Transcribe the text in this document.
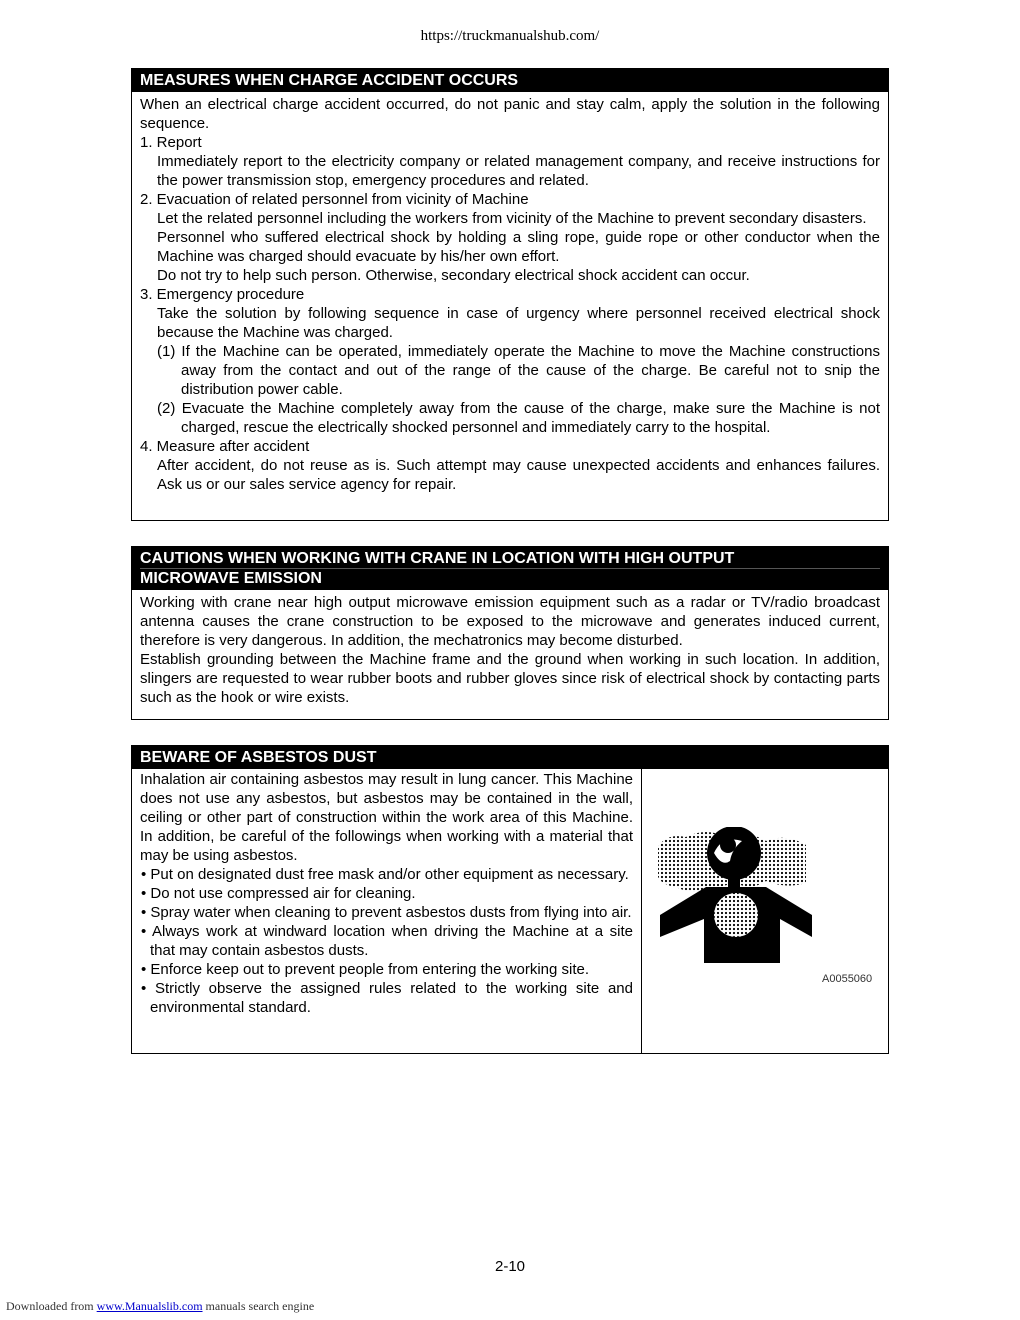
https://truckmanualshub.com/
MEASURES WHEN CHARGE ACCIDENT OCCURS

When an electrical charge accident occurred, do not panic and stay calm, apply the solution in the following sequence.

1. Report

Immediately report to the electricity company or related management company, and receive instructions for the power transmission stop, emergency procedures and related.

2. Evacuation of related personnel from vicinity of Machine

Let the related personnel including the workers from vicinity of the Machine to prevent secondary disasters.

Personnel who suffered electrical shock by holding a sling rope, guide rope or other conductor when the Machine was charged should evacuate by his/her own effort.

Do not try to help such person. Otherwise, secondary electrical shock accident can occur.

3. Emergency procedure

Take the solution by following sequence in case of urgency where personnel received electrical shock because the Machine was charged.

(1) If the Machine can be operated, immediately operate the Machine to move the Machine constructions away from the contact and out of the range of the cause of the charge. Be careful not to snip the distribution power cable.

(2) Evacuate the Machine completely away from the cause of the charge, make sure the Machine is not charged, rescue the electrically shocked personnel and immediately carry to the hospital.

4. Measure after accident

After accident, do not reuse as is. Such attempt may cause unexpected accidents and enhances failures. Ask us or our sales service agency for repair.

CAUTIONS WHEN WORKING WITH CRANE IN LOCATION WITH HIGH OUTPUT
MICROWAVE EMISSION

Working with crane near high output microwave emission equipment such as a radar or TV/radio broadcast antenna causes the crane construction to be exposed to the microwave and generates induced current, therefore is very dangerous. In addition, the mechatronics may become disturbed.

Establish grounding between the Machine frame and the ground when working in such location. In addition, slingers are requested to wear rubber boots and rubber gloves since risk of electrical shock by contacting parts such as the hook or wire exists.

BEWARE OF ASBESTOS DUST

Inhalation air containing asbestos may result in lung cancer. This Machine does not use any asbestos, but asbestos may be contained in the wall, ceiling or other part of construction within the work area of this Machine. In addition, be careful of the followings when working with a material that may be using asbestos.

• Put on designated dust free mask and/or other equipment as necessary.

• Do not use compressed air for cleaning.

• Spray water when cleaning to prevent asbestos dusts from flying into air.

• Always work at windward location when driving the Machine at a site that may contain asbestos dusts.

• Enforce keep out to prevent people from entering the working site.

• Strictly observe the assigned rules related to the working site and environmental standard.

A0055060
2-10
Downloaded from www.Manualslib.com manuals search engine
